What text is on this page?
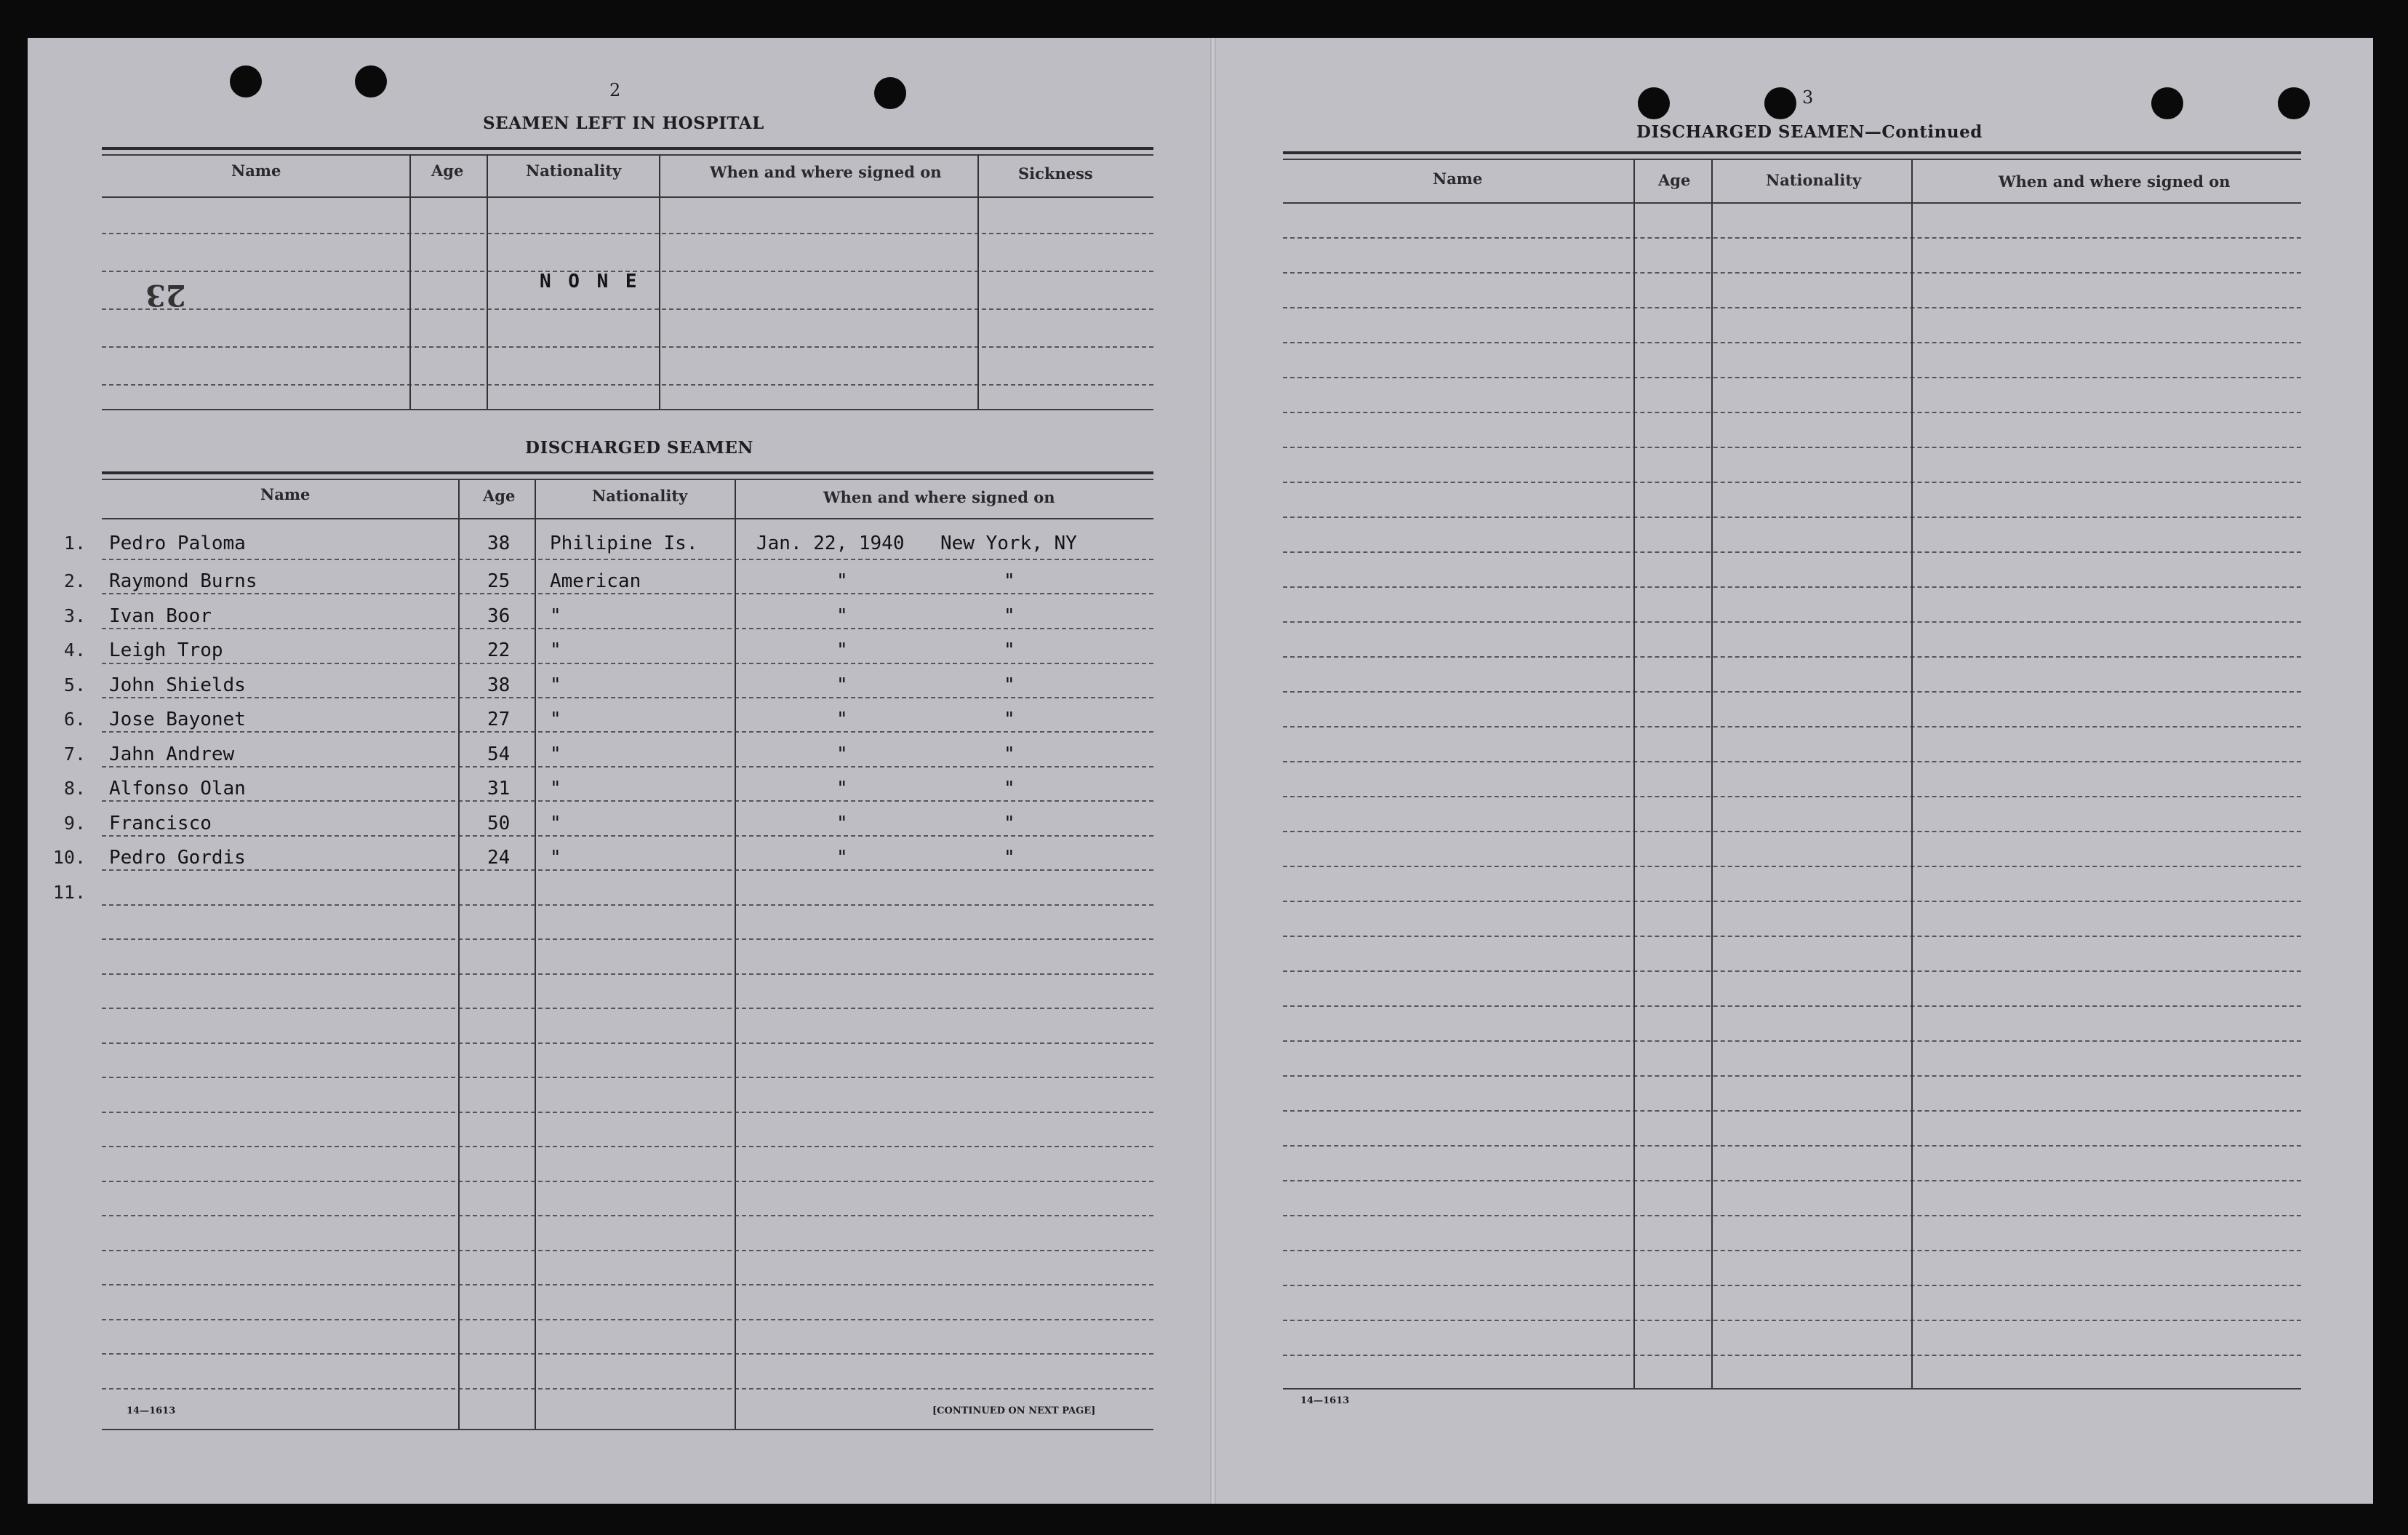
2
SEAMEN LEFT IN HOSPITAL
Name	Age	Nationality	When and where signed on	Sickness
N O N E
23
DISCHARGED SEAMEN
Name	Age	Nationality	When and where signed on
1. Pedro Paloma	38 Philipine Is.	Jan. 22, 1940 New York, NY
2. Raymond Burns	25 American	"	"
3. Ivan Boor	36 "	"	"
4. Leigh Trop	22 "	"	"
5. John Shields	38 "	"	"
6. Jose Bayonet	27 "	"	"
7. Jahn Andrew	54 "	"	"
8. Alfonso Olan	31 "	"	"
9. Francisco	50 "	"	"
10. Pedro Gordis	24 "	"	"
11.
14—1613	[CONTINUED ON NEXT PAGE]
3
DISCHARGED SEAMEN—Continued
Name	Age	Nationality	When and where signed on
14—1613
